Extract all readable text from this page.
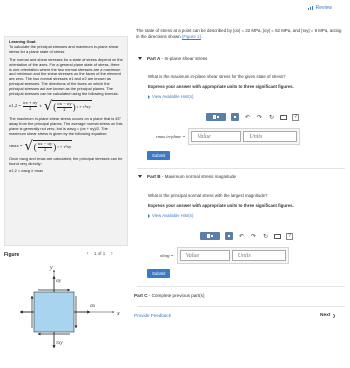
Review
Learning Goal:

To calculate the principal stresses and maximum in-plane shear stress for a plane state of stress.

The normal and shear stresses for a state of stress depend on the orientation of the axes. For a general plane state of stress, there is one orientation where the two normal stresses are a maximum and minimum and the shear stresses on the faces of the element are zero. The two normal stresses σ1 and σ2 are known as principal stresses. The directions of the faces on which the principal stresses act are known as the principal planes. The principal stresses can be calculated using the following formula.

$\sigma 1,2 = \frac{\sigma x + \sigma y}{2}$ ± √ ( $\frac{\sigma x - \sigma y}{2}$ ) 2 + τ²xy

The maximum in-plane shear stress occurs on a plane that is 45° away from the principal planes. The average normal stress on this plane is generally not zero, but is σavg = (σx + σy)/2. The maximum shear stress is given by the following equation:

τmax = √ ( $\frac{\sigma x - \sigma y}{2}$ ) 2 + τ²xy

Once σavg and τmax are calculated, the principal stresses can be found very directly:

σ1,2 = σavg ± τmax

Figure	‹	1 of 1 ›
y
x
σy
σx
τxy
The state of stress at a point can be described by |σx| = 22 MPa, |σy| = 52 MPa, and |τxy| = 9 MPa, acting in the directions shown (Figure 1).
Part A - In-plane shear stress
What is the maximum in-plane shear stress for the given state of stress?
Express your answer with appropriate units to three significant figures.
View Available Hint(s)
↶ ↷ ↻	?
τmax in-plane =	Value	Units
Submit
Part B - Maximum normal stress magnitude
What is the principal normal stress with the largest magnitude?
Express your answer with appropriate units to three significant figures.
View Available Hint(s)
↶ ↷ ↻	?
σlarg =	Value	Units
Submit
Part C - Complete previous part(s)
Provide Feedback	Next ❯
